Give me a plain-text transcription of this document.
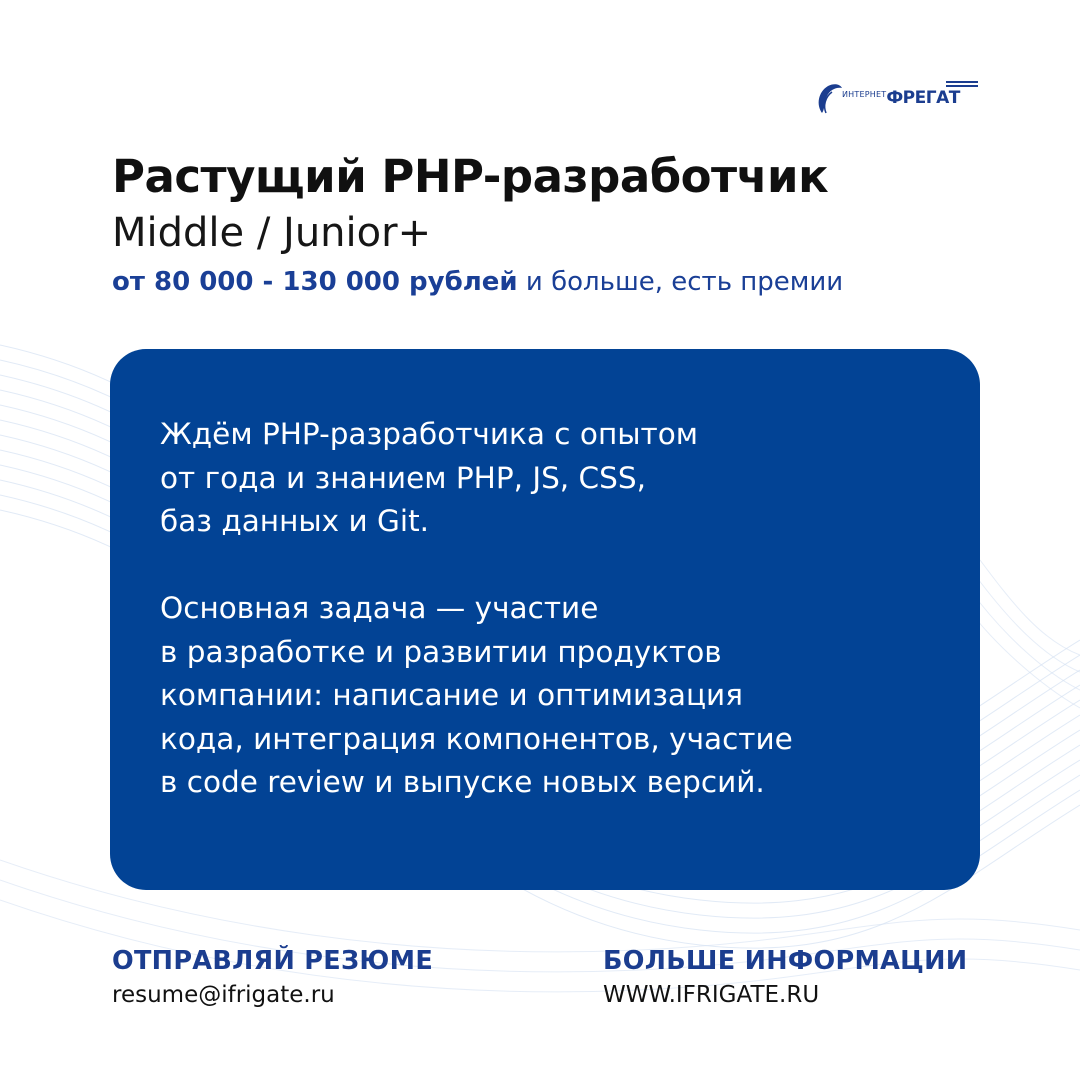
$^{ИНТЕРНЕТ}$ФРЕГАТ
Растущий PHP-разработчик
Middle / Junior+
от 80 000 - 130 000 рублей и больше, есть премии

Ждём PHP-разработчика с опытом
от года и знанием PHP, JS, CSS,
баз данных и Git.

Основная задача — участие
в разработке и развитии продуктов
компании: написание и оптимизация
кода, интеграция компонентов, участие
в code review и выпуске новых версий.

ОТПРАВЛЯЙ РЕЗЮМЕ
resume@ifrigate.ru
БОЛЬШЕ ИНФОРМАЦИИ
WWW.IFRIGATE.RU
